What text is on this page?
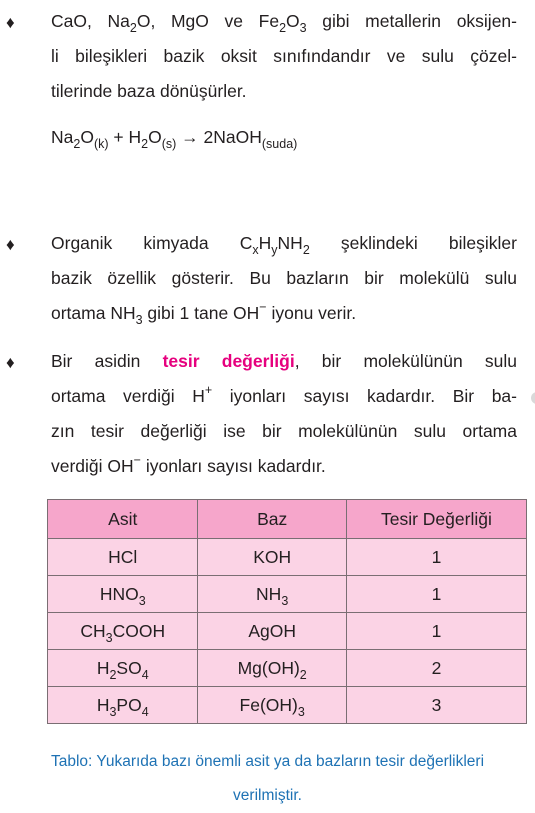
♦ CaO, $Na_2O$, MgO ve $Fe_2O_3$ gibi metallerin oksijen-
li bileşikleri bazik oksit sınıfındandır ve sulu çözel-
tilerinde baza dönüşürler.
$Na_2O_{(k)} + H_2O_{(s)}$ → 2NaOH$_{(suda)}$
♦ Organik kimyada $C_xH_yNH_2$ şeklindeki bileşikler
bazik özellik gösterir. Bu bazların bir molekülü sulu
ortama $NH_3$ gibi 1 tane OH− iyonu verir.
♦ Bir asidin tesir değerliği, bir molekülünün sulu
ortama verdiği H+ iyonları sayısı kadardır. Bir ba-
zın tesir değerliği ise bir molekülünün sulu ortama
verdiği OH− iyonları sayısı kadardır.
Asit	Baz	Tesir Değerliği
HCl	KOH	1
$HNO_3$	$NH_3$	1
$CH_3COOH$	AgOH	1
$H_2SO_4$	$Mg(OH)_2$	2
$H_3PO_4$	$Fe(OH)_3$	3
Tablo: Yukarıda bazı önemli asit ya da bazların tesir değerlikleri
verilmiştir.
